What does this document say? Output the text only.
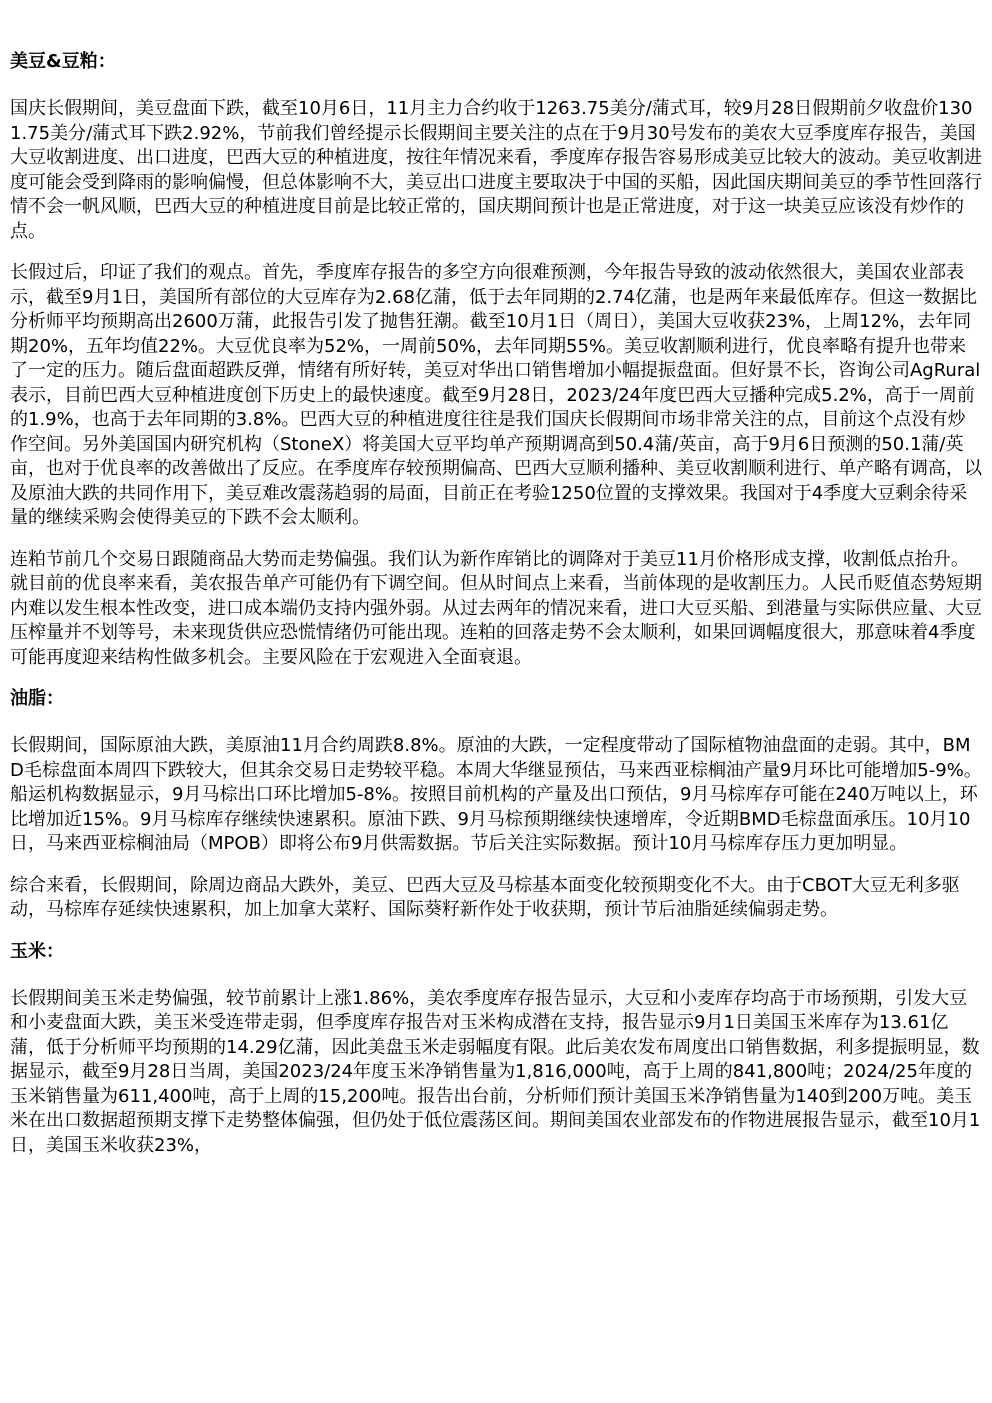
美豆&豆粕：

国庆长假期间，美豆盘面下跌，截至10月6日，11月主力合约收于1263.75美分/蒲式耳，较9月28日假期前夕收盘价1301.75美分/蒲式耳下跌2.92%，节前我们曾经提示长假期间主要关注的点在于9月30号发布的美农大豆季度库存报告，美国大豆收割进度、出口进度，巴西大豆的种植进度，按往年情况来看，季度库存报告容易形成美豆比较大的波动。美豆收割进度可能会受到降雨的影响偏慢，但总体影响不大，美豆出口进度主要取决于中国的买船，因此国庆期间美豆的季节性回落行情不会一帆风顺，巴西大豆的种植进度目前是比较正常的，国庆期间预计也是正常进度，对于这一块美豆应该没有炒作的点。

长假过后，印证了我们的观点。首先，季度库存报告的多空方向很难预测，今年报告导致的波动依然很大，美国农业部表示，截至9月1日，美国所有部位的大豆库存为2.68亿蒲，低于去年同期的2.74亿蒲，也是两年来最低库存。但这一数据比分析师平均预期高出2600万蒲，此报告引发了抛售狂潮。截至10月1日（周日），美国大豆收获23%，上周12%，去年同期20%，五年均值22%。大豆优良率为52%，一周前50%，去年同期55%。美豆收割顺利进行，优良率略有提升也带来了一定的压力。随后盘面超跌反弹，情绪有所好转，美豆对华出口销售增加小幅提振盘面。但好景不长，咨询公司AgRural表示，目前巴西大豆种植进度创下历史上的最快速度。截至9月28日，2023/24年度巴西大豆播种完成5.2%，高于一周前的1.9%，也高于去年同期的3.8%。巴西大豆的种植进度往往是我们国庆长假期间市场非常关注的点，目前这个点没有炒作空间。另外美国国内研究机构（StoneX）将美国大豆平均单产预期调高到50.4蒲/英亩，高于9月6日预测的50.1蒲/英亩，也对于优良率的改善做出了反应。在季度库存较预期偏高、巴西大豆顺利播种、美豆收割顺利进行、单产略有调高，以及原油大跌的共同作用下，美豆难改震荡趋弱的局面，目前正在考验1250位置的支撑效果。我国对于4季度大豆剩余待采量的继续采购会使得美豆的下跌不会太顺利。

连粕节前几个交易日跟随商品大势而走势偏强。我们认为新作库销比的调降对于美豆11月价格形成支撑，收割低点抬升。就目前的优良率来看，美农报告单产可能仍有下调空间。但从时间点上来看，当前体现的是收割压力。人民币贬值态势短期内难以发生根本性改变，进口成本端仍支持内强外弱。从过去两年的情况来看，进口大豆买船、到港量与实际供应量、大豆压榨量并不划等号，未来现货供应恐慌情绪仍可能出现。连粕的回落走势不会太顺利，如果回调幅度很大，那意味着4季度可能再度迎来结构性做多机会。主要风险在于宏观进入全面衰退。

油脂：

长假期间，国际原油大跌，美原油11月合约周跌8.8%。原油的大跌，一定程度带动了国际植物油盘面的走弱。其中，BMD毛棕盘面本周四下跌较大，但其余交易日走势较平稳。本周大华继显预估，马来西亚棕榈油产量9月环比可能增加5-9%。船运机构数据显示，9月马棕出口环比增加5-8%。按照目前机构的产量及出口预估，9月马棕库存可能在240万吨以上，环比增加近15%。9月马棕库存继续快速累积。原油下跌、9月马棕预期继续快速增库，令近期BMD毛棕盘面承压。10月10日，马来西亚棕榈油局（MPOB）即将公布9月供需数据。节后关注实际数据。预计10月马棕库存压力更加明显。

综合来看，长假期间，除周边商品大跌外，美豆、巴西大豆及马棕基本面变化较预期变化不大。由于CBOT大豆无利多驱动，马棕库存延续快速累积，加上加拿大菜籽、国际葵籽新作处于收获期，预计节后油脂延续偏弱走势。

玉米：

长假期间美玉米走势偏强，较节前累计上涨1.86%，美农季度库存报告显示，大豆和小麦库存均高于市场预期，引发大豆和小麦盘面大跌，美玉米受连带走弱，但季度库存报告对玉米构成潜在支持，报告显示9月1日美国玉米库存为13.61亿蒲，低于分析师平均预期的14.29亿蒲，因此美盘玉米走弱幅度有限。此后美农发布周度出口销售数据，利多提振明显，数据显示，截至9月28日当周，美国2023/24年度玉米净销售量为1,816,000吨，高于上周的841,800吨；2024/25年度的玉米销售量为611,400吨，高于上周的15,200吨。报告出台前，分析师们预计美国玉米净销售量为140到200万吨。美玉米在出口数据超预期支撑下走势整体偏强，但仍处于低位震荡区间。期间美国农业部发布的作物进展报告显示，截至10月1日，美国玉米收获23%，
